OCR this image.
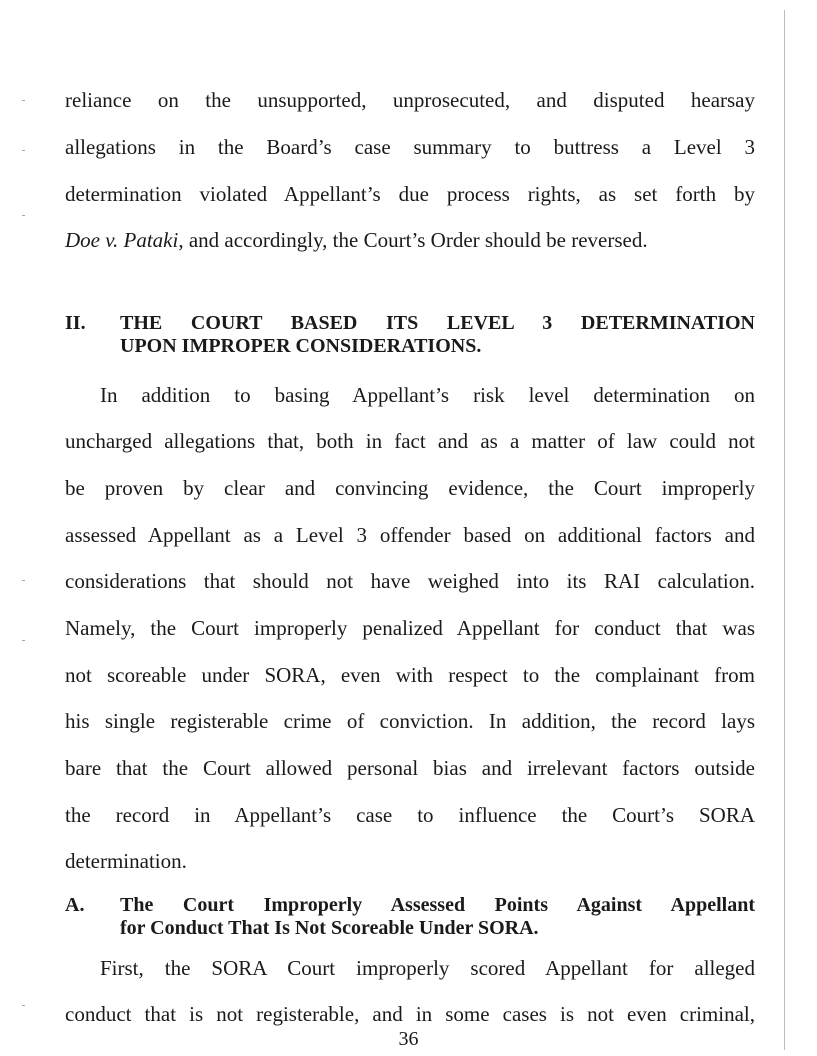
reliance on the unsupported, unprosecuted, and disputed hearsay
allegations in the Board’s case summary to buttress a Level 3
determination violated Appellant’s due process rights, as set forth by
Doe v. Pataki, and accordingly, the Court’s Order should be reversed.
II. THE COURT BASED ITS LEVEL 3 DETERMINATION
UPON IMPROPER CONSIDERATIONS.
In addition to basing Appellant’s risk level determination on
uncharged allegations that, both in fact and as a matter of law could not
be proven by clear and convincing evidence, the Court improperly
assessed Appellant as a Level 3 offender based on additional factors and
considerations that should not have weighed into its RAI calculation.
Namely, the Court improperly penalized Appellant for conduct that was
not scoreable under SORA, even with respect to the complainant from
his single registerable crime of conviction. In addition, the record lays
bare that the Court allowed personal bias and irrelevant factors outside
the record in Appellant’s case to influence the Court’s SORA
determination.
A. The Court Improperly Assessed Points Against Appellant
for Conduct That Is Not Scoreable Under SORA.
First, the SORA Court improperly scored Appellant for alleged
conduct that is not registerable, and in some cases is not even criminal,
36
